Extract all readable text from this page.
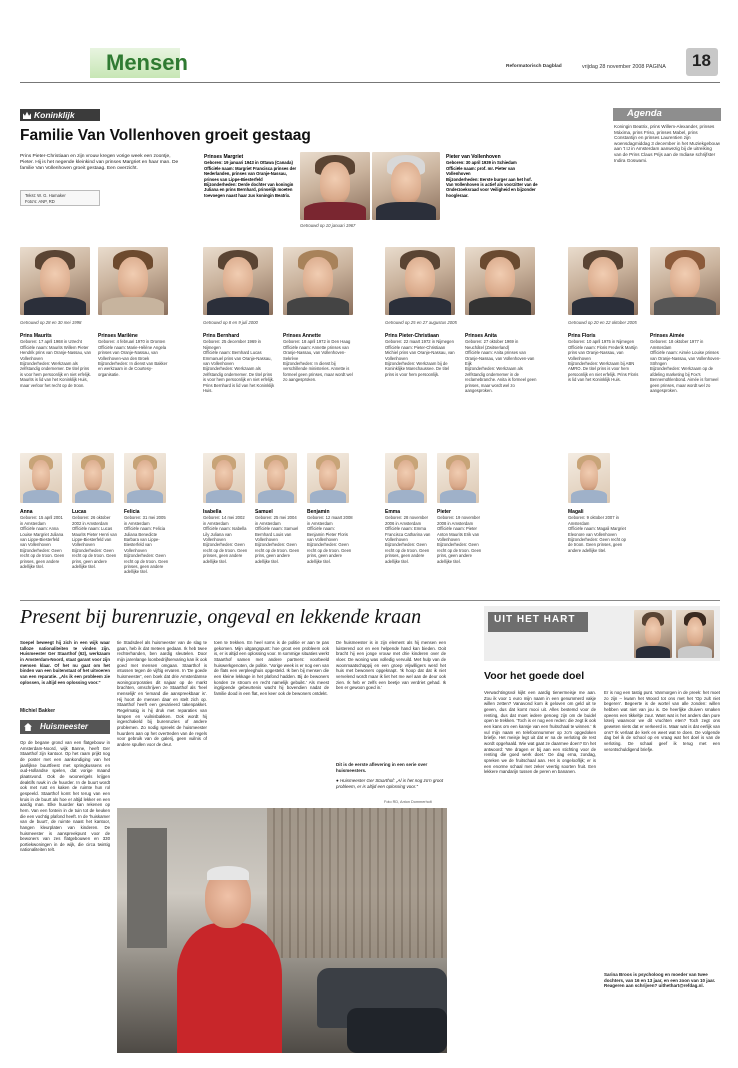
Mensen	Reformatorisch Dagblad	vrijdag 28 november 2008 PAGINA 18
Koninklijk	Agenda
Koningin Beatrix, prins Willem-Alexander, prinses Máxima, prins Friso, prinses Mabel, prins Constantijn en prinses Laurentien zijn woensdagmiddag 3 december in het Muziekgebouw aan 't IJ in Amsterdam aanwezig bij de uitreiking van de Prins Claus Prijs aan de Indiase schrijfster Indira Goswami.
Familie Van Vollenhoven groeit gestaag
Prins Pieter-Christiaan en zijn vrouw kregen vorige week een zoontje, Pieter. Hij is het negende kleinkind van prinses Margriet en haar man. De familie Van Vollenhoven groeit gestaag. Een overzicht.
Tekst: W. G. Hamaker
Foto's: ANP, RD
Prinses Margriet
Geboren: 19 januari 1943 in Ottawa (Canada)
Officiële naam: Margriet Francisca prinses der Nederlanden, prinses van Oranje-Nassau, prinses van Lippe-Biesterfeld
Bijzonderheden: Derde dochter van koningin Juliana en prins Bernhard, prinselijk moeten toevoegen naast haar zus koningin Beatrix.
Getrouwd op 10 januari 1967
Pieter van Vollenhoven
Geboren: 30 april 1939 in Schiedam
Officiële naam: prof. mr. Pieter van Vollenhoven
Bijzonderheden: Eerste burger aan het hof. Van Vollenhoven is actief als voorzitter van de Onderzoeksraad voor Veiligheid en bijzonder hoogleraar.
Getrouwd op 28 en 30 mei 1998	Getrouwd op 8 en 9 juli 2000	Getrouwd op 25 en 27 augustus 2005	Getrouwd op 20 en 22 oktober 2005
Prins Maurits
Geboren: 17 april 1968 in Utrecht
Officiële naam: Maurits Willem Pieter Hendrik prins van Oranje-Nassau, van Vollenhoven
Bijzonderheden: Werkzaam als zelfstandig ondernemer. De titel prins is voor hem persoonlijk en niet erfelijk. Maurits is lid van het Koninklijk Huis, maar verloor het recht op de troon.
Prinses Marilène
Geboren: 4 februari 1970 in Dronten
Officiële naam: Marie-Hélène Angela prinses van Oranje-Nassau, van Vollenhoven-van den Broek
Bijzonderheden: In dienst van Bakker en werkzaam in de Courtesy-organisatie.
Prins Bernhard
Geboren: 25 december 1969 in Nijmegen
Officiële naam: Bernhard Lucas Emmanuel prins van Oranje-Nassau, van Vollenhoven
Bijzonderheden: Werkzaam als zelfstandig ondernemer. De titel prins is voor hem persoonlijk en niet erfelijk. Prins Bernhard is lid van het Koninklijk Huis.
Prinses Annette
Geboren: 18 april 1972 in Den Haag
Officiële naam: Annette prinses van Oranje-Nassau, van Vollenhoven-Sekrève
Bijzonderheden: In dienst bij verschillende ministeries. Annette is formeel geen prinses, maar wordt wel zo aangesproken.
Prins Pieter-Christiaan
Geboren: 22 maart 1972 in Nijmegen
Officiële naam: Pieter-Christiaan Michiel prins van Oranje-Nassau, van Vollenhoven
Bijzonderheden: Werkzaam bij de Koninklijke Marechaussee. De titel prins is voor hem persoonlijk.
Prinses Anita
Geboren: 27 oktober 1969 in Neuchâtel (Zwitserland)
Officiële naam: Anita prinses van Oranje-Nassau, van Vollenhoven-van Eijk
Bijzonderheden: Werkzaam als zelfstandig ondernemer in de reclamebranche. Anita is formeel geen prinses, maar wordt wel zo aangesproken.
Prins Floris
Geboren: 10 april 1975 in Nijmegen
Officiële naam: Floris Frederik Martijn prins van Oranje-Nassau, van Vollenhoven
Bijzonderheden: Werkzaam bij ABN AMRO. De titel prins is voor hem persoonlijk en niet erfelijk. Prins Floris is lid van het Koninklijk Huis.
Prinses Aimée
Geboren: 18 oktober 1977 in Amsterdam
Officiële naam: Aimée Louise prinses van Oranje-Nassau, van Vollenhoven-Söhngen
Bijzonderheden: Werkzaam op de afdeling marketing bij Fox's Bennemühlenbond. Aimée is formeel geen prinses, maar wordt wel zo aangesproken.
Anna
Geboren: 15 april 2001 in Amsterdam
Officiële naam: Anna Louise Margriet Juliana van Lippe-Biesterfeld van Vollenhoven
Bijzonderheden: Geen recht op de troon. Geen prinses, geen andere adellijke titel.
Lucas
Geboren: 26 oktober 2002 in Amsterdam
Officiële naam: Lucas Maurits Pieter Henri van Lippe-Biesterfeld van Vollenhoven
Bijzonderheden: Geen recht op de troon. Geen prins, geen andere adellijke titel.
Felicia
Geboren: 31 mei 2005 in Amsterdam
Officiële naam: Felicia Juliana Benedicte Barbara van Lippe-Biesterfeld van Vollenhoven
Bijzonderheden: Geen recht op de troon. Geen prinses, geen andere adellijke titel.
Isabella
Geboren: 14 mei 2002 in Amsterdam
Officiële naam: Isabella Lily Juliana van Vollenhoven
Bijzonderheden: Geen recht op de troon. Geen prinses, geen andere adellijke titel.
Samuel
Geboren: 25 mei 2004 in Amsterdam
Officiële naam: Samuel Bernhard Louis van Vollenhoven
Bijzonderheden: Geen recht op de troon. Geen prins, geen andere adellijke titel.
Benjamin
Geboren: 12 maart 2008 in Amsterdam
Officiële naam: Benjamin Pieter Floris van Vollenhoven
Bijzonderheden: Geen recht op de troon. Geen prins, geen andere adellijke titel.
Emma
Geboren: 28 november 2006 in Amsterdam
Officiële naam: Emma Francisca Catharina van Vollenhoven
Bijzonderheden: Geen recht op de troon. Geen prinses, geen andere adellijke titel.
Pieter
Geboren: 19 november 2008 in Amsterdam
Officiële naam: Pieter Anton Maurits Erik van Vollenhoven
Bijzonderheden: Geen recht op de troon. Geen prins, geen andere adellijke titel.
Magali
Geboren: 9 oktober 2007 in Amsterdam
Officiële naam: Magali Margriet Eleonore van Vollenhoven
Bijzonderheden: Geen recht op de troon. Geen prinses, geen andere adellijke titel.
Present bij burenruzie, ongeval en lekkende kraan
Soepel beweegt hij zich in een wijk waar talloze nationaliteiten te vinden zijn. Huismeester Ger Staarthof (62), werkzaam in Amsterdam-Noord, staat garant voor zijn mensen klaar. Of het nu gaat om het binden van een buitenstaat of het uitvoeren van een reparatie. „Als ik een probleem zie oplossen, is altijd een oplossing voor."
Michiel Bakker
Huismeester
Op de begane grond van een flatgebouw in Amsterdam-Noord, wijk Banne, heeft Ger Staarthof zijn kantoor. Op het raam prijkt nog de poster met een aankondiging van het jaarlijkse buurtfeest met springkussens en oud-Hollandse spelen, dat vorige maand plaatsvond. Ook de woonerigels krijgen deaktifs ruwk in de huurder. In de buurt wordt ook met rust en kaken de ruimte hun rol gespeeld. Staarthof komt het terug van een kruis in de buurt als hoe er altijd lekker en een aardig man. Elke huurder kan rekenen op hem. Van een fontein in de tuin tot de keuken die een vochtig plafond heeft. In de 'huiskamer van de buurt', de ruimte naast het kantoor, hangen kleurplaten van kinderen. De huismeester is aanspreekpunt voor de bewoners van zes flatgebouwen en 330 portiekwoningen in de wijk, die circa twintig nationaliteiten telt.
tie Stadsdeel als huismeester van de slag te gaan, heb ik dat meteen gedaan. Ik heb twee rechterhanden, ben aardig sleutelen. Door mijn jarenlange loonbedrijfservaring kan ik ook goed met mensen omgaan. Staarthof is intussen tegen de vijftig ervaren. In 'De goede huismeester', een boek dat drie Amsterdamse woningcorporaties dit najaar op de markt brachten, omschrijven ze Staarthof als 'heel menselijk' en 'iemand die aanspreekbaar is'. Hij hoort de mensen daar en stelt zich op. Staarthof heeft een gevarieerd takenpakket. Regelmatig is hij druk met reparaties van lampen en vuilnisbakken. Ook wordt hij ingeschakeld bij burenruzies of andere problemen. Zo nodig spreekt de huismeester huurders aan op het overtreden van de regels voor gebruik van de galerij, geen vuilnis of andere spullen voor de deur.
toen te trekken. En heel soms is de politie er aan te pas gekomen. Mijn uitgangspunt: hoe groot een probleem ook is, er is altijd een oplossing voor. In sommige situaties werkt Staarthof samen met andere partners: voorbeeld huiswerkgenoten, de politie. 'Vorige week is er nog een van de flats een verpleeghuis opgesteld. Ik ben bij mensen die een kleine lekkage in het plafond hadden. Bij de bewoners konden ze stroom en recht namelijk gebuikt.' Als meest ingrijpende gebeurtenis wacht hij bovendien nadat de familie dood in een flat, een keer ook de bewoners ontdekt.
De huismeester is in zijn element als hij mensen een luisterend oor en een helpende hand kan bieden. Ooit bracht hij een jonge vrouw met drie kinderen over de vloer. De woning was volledig vervuild. Met hulp van de woonmaatschappij en een groep vrijwilligers werd het huis met bewoners opgeknapt. 'Ik hoop dat dat ik niet vervelend wordt maar ik liet het me wel aan de deur ook zien. Ik heb er zelfs een beetje van verdriet gehad. Ik ben er gewoon goed in.'
Dit is de eerste aflevering in een serie over huismeesters.
● Huismeester Ger Staarthof: „Al is het nog zo'n groot probleem, er is altijd een oplossing voor."
Foto RD, Anton Dommerholt
UIT HET HART
Voor het goede doel
Verwachtingsvol kijkt een aardig tienermeisje me aan. Zou ik voor 1 euro mijn naam in een genummerd vakje willen zetten? Vanavond kom ik geloven om geld uit te geven, dus dat komt mooi uit. Alles bestemd voor de renting, dus dat moet iedere genoeg zijn om de buidel open te trekken. 'Toch is er nog een reden: die zegt ik ook een kans om een kansje van een fruitschaal te winnen.' Ik vul mijn naam en telefoonnummer op zo'n opgedoken briefje. Het meisje legt uit dat er na de verloting de rest wordt opgehaald. Wie wat gaat ze daarmee doen? En het antwoord: 'We dragen er bij aan een stichting voor de renting die goed werk doet.' De dag erna, zondag, spreken we de fruitschaal aan. Het is ongelooflijk; er is een enorme schaal met zeker veertig soorten fruit. Een lekkere mandarijn tussen de peren en bananen.
Er is nog een tastig punt. Vanmorgen in de preek: het moet zo zijn – kwam het Woord tot ons met het 'Op zult niet begeren'. Begeerte is de wortel van alle zonden: willen hebben wat niet van jou is. De heerlijke druiven smaken opeens een tikkeltje zuur. Want wat is het anders dan pure loterij waarvoor we dit vruchten eten? Toch zegt ons geweten niets dat er verkeerd is. Maar wat is dat eerlijk van ons? Ik verlaat de kerk en weet wat te doen. De volgende dag bel ik de school op en vraag wat het doel is van de verloting. De schaal geef ik terug met een verontschuldigend briefje.
Sarina Broos is psycholoog en moeder van twee dochters, van 16 en 13 jaar, en een zoon van 10 jaar. Reageren aan schrijven? uithethart@refdag.nl.
